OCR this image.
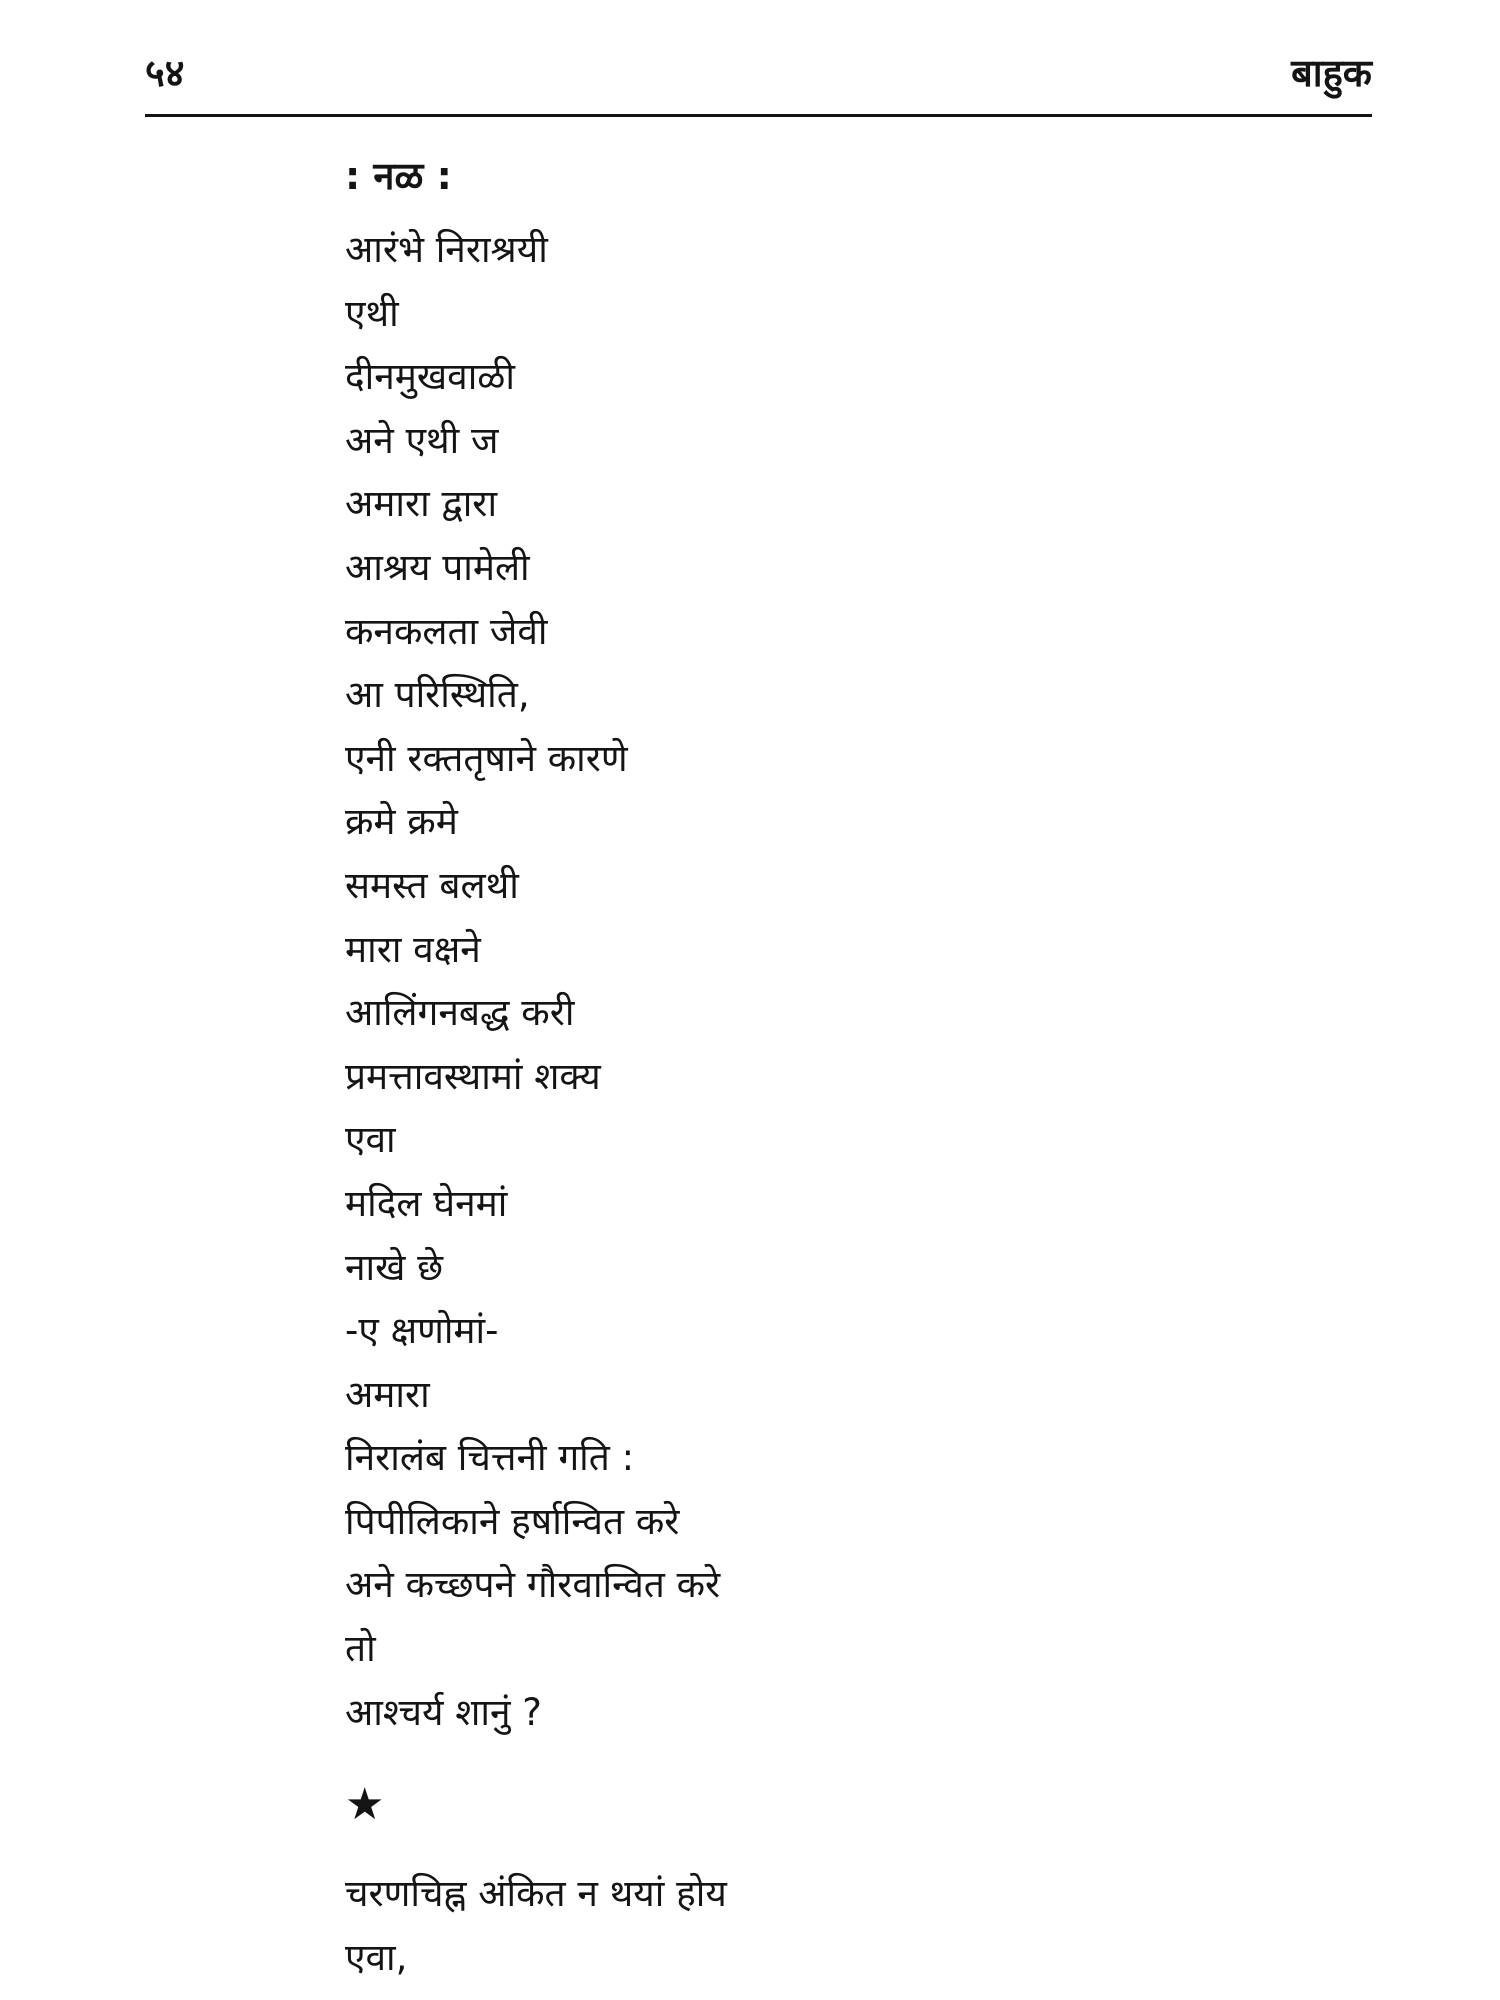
५४	बाहुक
: नळ :
आरंभे निराश्रयी
एथी
दीनमुखवाळी
अने एथी ज
अमारा द्वारा
आश्रय पामेली
कनकलता जेवी
आ परिस्थिति,
एनी रक्ततृषाने कारणे
क्रमे क्रमे
समस्त बलथी
मारा वक्षने
आलिंगनबद्ध करी
प्रमत्तावस्थामां शक्य
एवा
मदिल घेनमां
नाखे छे
-ए क्षणोमां-
अमारा
निरालंब चित्तनी गति :
पिपीलिकाने हर्षान्वित करे
अने कच्छपने गौरवान्वित करे
तो
आश्चर्य शानुं ?
★
चरणचिह्न अंकित न थयां होय
एवा,
